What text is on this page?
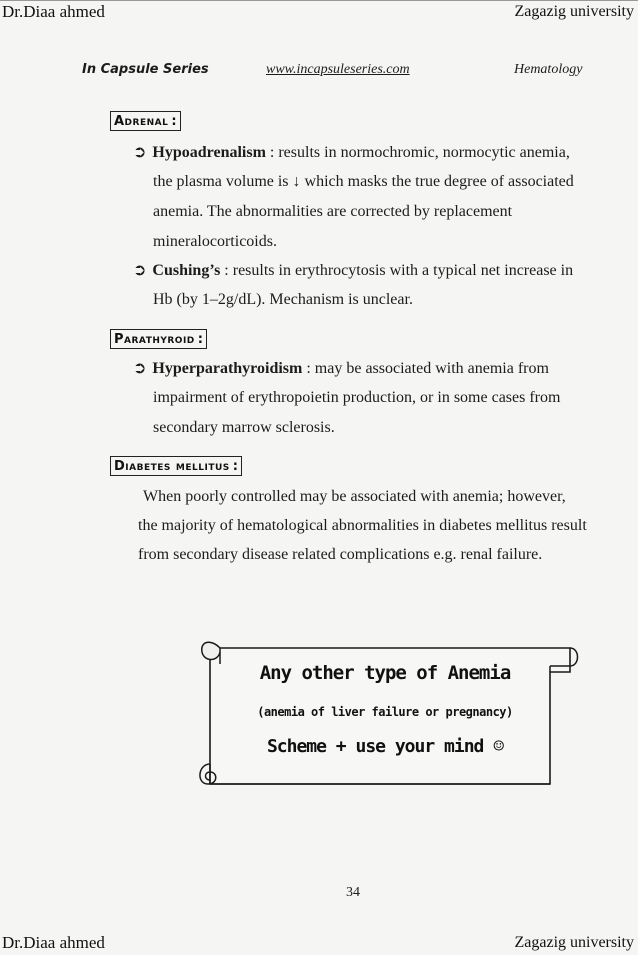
Dr.Diaa ahmed	Zagazig university
In Capsule Series	www.incapsuleseries.com	Hematology
Adrenal :
➲ Hypoadrenalism : results in normochromic, normocytic anemia,
the plasma volume is ↓ which masks the true degree of associated
anemia. The abnormalities are corrected by replacement
mineralocorticoids.
➲ Cushing’s : results in erythrocytosis with a typical net increase in
Hb (by 1–2g/dL). Mechanism is unclear.
Parathyroid :
➲ Hyperparathyroidism : may be associated with anemia from
impairment of erythropoietin production, or in some cases from
secondary marrow sclerosis.
Diabetes mellitus :
When poorly controlled may be associated with anemia; however,
the majority of hematological abnormalities in diabetes mellitus result
from secondary disease related complications e.g. renal failure.
Any other type of Anemia
(anemia of liver failure or pregnancy)
Scheme + use your mind ☺
34
Dr.Diaa ahmed	Zagazig university
